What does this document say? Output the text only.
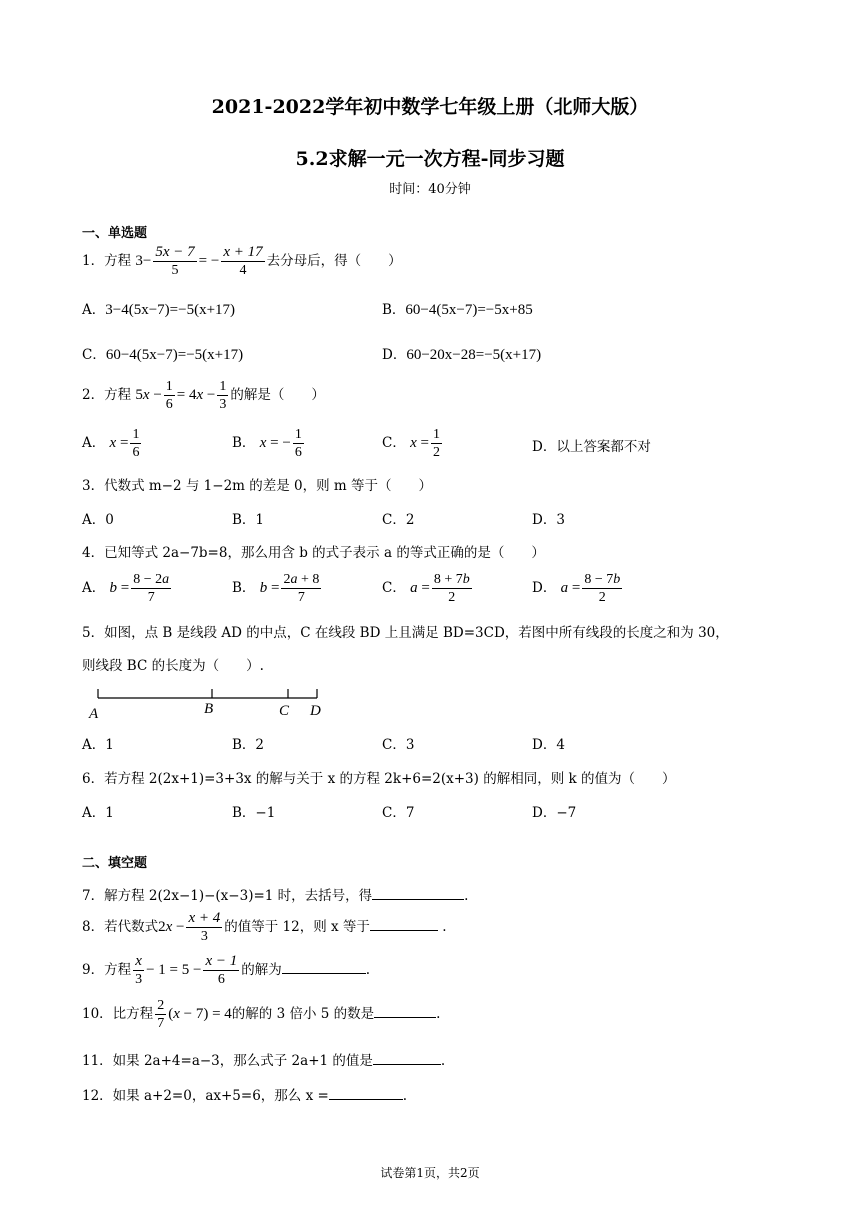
2021-2022学年初中数学七年级上册（北师大版）
5.2求解一元一次方程-同步习题
时间：40分钟
一、单选题
1．方程 $3- \frac{5x - 7}{5}$ = − $\frac{x + 17}{4}$ 去分母后，得（　　）
A．3−4(5x−7)=−5(x+17)	B．60−4(5x−7)=−5x+85
C．60−4(5x−7)=−5(x+17)	D．60−20x−28=−5(x+17)
2．方程 $5x - \frac{1}{6} = 4x - \frac{1}{3}$ 的解是（　　）
A． $x = \frac{1}{6}$	B． x = − $\frac{1}{6}$	C． $x = \frac{1}{2}$	D．以上答案都不对
3．代数式 m−2 与 1−2m 的差是 0，则 m 等于（　　）
A．0	B．1	C．2	D．3
4．已知等式 2a−7b=8，那么用含 b 的式子表示 a 的等式正确的是（　　）
A． $b = \frac{8 - 2a}{7}$	B． $b = \frac{2a + 8}{7}$	C． $a = \frac{8 + 7b}{2}$	D． $a = \frac{8 - 7b}{2}$
5．如图，点 B 是线段 AD 的中点，C 在线段 BD 上且满足 BD=3CD，若图中所有线段的长度之和为 30，
则线段 BC 的长度为（　　）.
A	B	C D
A．1	B．2	C．3	D．4
6．若方程 2(2x+1)=3+3x 的解与关于 x 的方程 2k+6=2(x+3) 的解相同，则 k 的值为（　　）
A．1	B．−1	C．7	D．−7
二、填空题
7．解方程 2(2x−1)−(x−3)=1 时，去括号，得	.
8．若代数式$2x - \frac{x + 4}{3}$ 的值等于 12，则 x 等于	.
9．方程 $\frac{x}{3} - 1 = 5 - \frac{x - 1}{6}$ 的解为	.
10．比方程 $\frac{2}{7} (x - 7) = 4$的解的 3 倍小 5 的数是	.
11．如果 2a+4=a−3，那么式子 2a+1 的值是	.
12．如果 a+2=0，ax+5=6，那么 x =	.
试卷第1页，共2页
